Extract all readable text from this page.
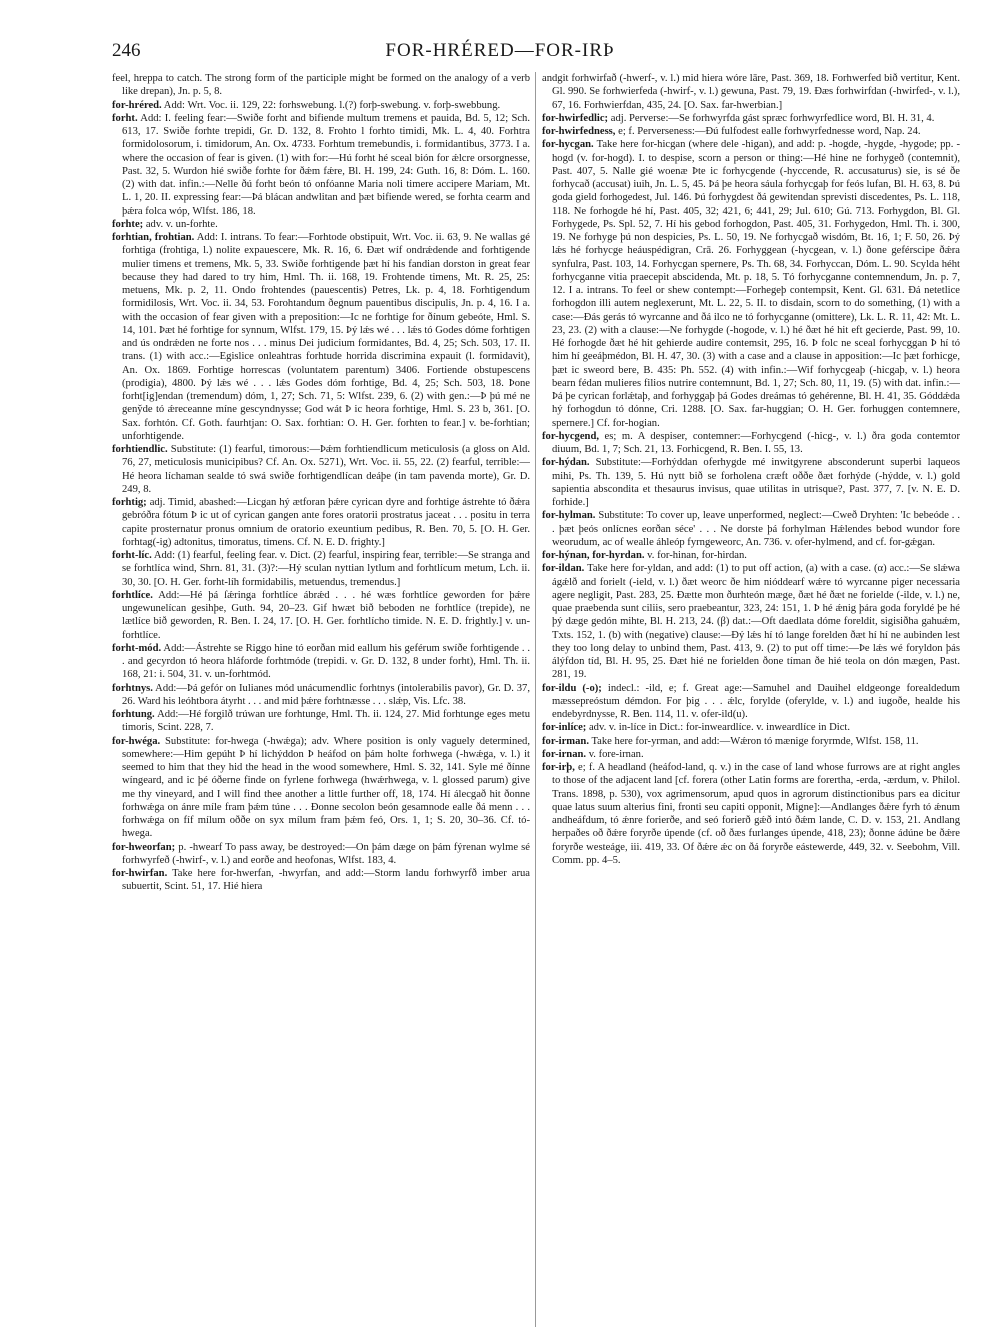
246	FOR-HRÉRED—FOR-IRÞ

feel, hreppa to catch. The strong form of the participle might be formed on the analogy of a verb like drepan), Jn. p. 5, 8.

for-hréred. Add: Wrt. Voc. ii. 129, 22: forhswebung. l.(?) forþ-swebung. v. forþ-swebbung.

forht. Add: I. feeling fear:—Swiðe forht and bifiende multum tremens et pauida, Bd. 5, 12; Sch. 613, 17. Swiðe forhte trepidi, Gr. D. 132, 8. Frohto l forhto timidi, Mk. L. 4, 40. Forhtra formidolosorum, i. timidorum, An. Ox. 4733. Forhtum tremebundis, i. formidantibus, 3773. I a. where the occasion of fear is given. (1) with for:—Hú forht hé sceal bión for ǽlcre orsorgnesse, Past. 32, 5. Wurdon hié swiðe forhte for ðǽm fǽre, Bl. H. 199, 24: Guth. 16, 8: Dóm. L. 160. (2) with dat. infin.:—Nelle ðú forht beón tó onfóanne Maria noli timere accipere Mariam, Mt. L. 1, 20. II. expressing fear:—Þá blácan andwlitan and þæt bifiende wered, se forhta cearm and þǽra folca wóp, Wlfst. 186, 18.

forhte; adv. v. un-forhte.

forhtian, frohtian. Add: I. intrans. To fear:—Forhtode obstipuit, Wrt. Voc. ii. 63, 9. Ne wallas gé forhtiga (frohtiga, l.) nolite expauescere, Mk. R. 16, 6. Ðæt wíf ondrǽdende and forhtigende mulier timens et tremens, Mk. 5, 33. Swiðe forhtigende þæt hí his fandian dorston in great fear because they had dared to try him, Hml. Th. ii. 168, 19. Frohtende timens, Mt. R. 25, 25: metuens, Mk. p. 2, 11. Ondo frohtendes (pauescentis) Petres, Lk. p. 4, 18. Forhtigendum formidilosis, Wrt. Voc. ii. 34, 53. Forohtandum ðegnum pauentibus discipulis, Jn. p. 4, 16. I a. with the occasion of fear given with a preposition:—Ic ne forhtige for ðínum gebeóte, Hml. S. 14, 101. Þæt hé forhtige for synnum, Wlfst. 179, 15. Þý lǽs wé . . . lǽs tó Godes dóme forhtigen and ús ondrǽden ne forte nos . . . minus Dei judicium formidantes, Bd. 4, 25; Sch. 503, 17. II. trans. (1) with acc.:—Egislice onleahtras forhtude horrida discrimina expauit (l. formidavit), An. Ox. 1869. Forhtige horrescas (voluntatem parentum) 3406. Fortiende obstupescens (prodigia), 4800. Þý lǽs wé . . . lǽs Godes dóm forhtige, Bd. 4, 25; Sch. 503, 18. Þone forht[ig]endan (tremendum) dóm, 1, 27; Sch. 71, 5: Wlfst. 239, 6. (2) with gen.:—Þ þú mé ne geny̆de tó ǽreceanne míne gescyndnysse; God wát Þ ic heora forhtige, Hml. S. 23 b, 361. [O. Sax. forhtón. Cf. Goth. faurhtjan: O. Sax. forhtian: O. H. Ger. forhten to fear.] v. be-forhtian; unforhtigende.

forhtiendlic. Substitute: (1) fearful, timorous:—Þǽm forhtiendlicum meticulosis (a gloss on Ald. 76, 27, meticulosis municipibus? Cf. An. Ox. 5271), Wrt. Voc. ii. 55, 22. (2) fearful, terrible:—Hé heora líchaman sealde tó swá swiðe forhtigendlícan deáþe (in tam pavenda morte), Gr. D. 249, 8.

forhtig; adj. Timid, abashed:—Licgan hý ætforan þǽre cyrican dyre and forhtige ástrehte tó ðǽra gebróðra fótum Þ ic ut of cyrican gangen ante fores oratorii prostratus jaceat . . . positu in terra capite prosternatur pronus omnium de oratorio exeuntium pedibus, R. Ben. 70, 5. [O. H. Ger. forhtag(-ig) adtonitus, timoratus, timens. Cf. N. E. D. frighty.]

forht-líc. Add: (1) fearful, feeling fear. v. Dict. (2) fearful, inspiring fear, terrible:—Se stranga and se forhtlíca wind, Shrn. 81, 31. (3)?:—Hý sculan nyttian lytlum and forhtlícum metum, Lch. ii. 30, 30. [O. H. Ger. forht-líh formidabilis, metuendus, tremendus.]

forhtlíce. Add:—Hé þá ſǽringa forhtlíce ábrǽd . . . hé wæs forhtlíce geworden for þǽre ungewunelícan gesihþe, Guth. 94, 20–23. Gif hwæt bið beboden ne forhtlíce (trepide), ne lætlíce bið geworden, R. Ben. I. 24, 17. [O. H. Ger. forhtlícho timide. N. E. D. frightly.] v. un-forhtlíce.

forht-mód. Add:—Ástrehte se Riggo hine tó eorðan mid eallum his geférum swíðe forhtigende . . . and gecyrdon tó heora hláforde forhtmóde (trepidi. v. Gr. D. 132, 8 under forht), Hml. Th. ii. 168, 21: i. 504, 31. v. un-forhtmód.

forhtnys. Add:—Þá gefór on Iulianes mód unácumendlic forhtnys (intolerabilis pavor), Gr. D. 37, 26. Ward his leóhtbora átyrht . . . and mid þǽre forhtnæsse . . . slǽp, Vis. Lfc. 38.

forhtung. Add:—Hé forgilð trúwan ure forhtunge, Hml. Th. ii. 124, 27. Mid forhtunge eges metu timoris, Scint. 228, 7.

for-hwéga. Substitute: for-hwega (-hwǽga); adv. Where position is only vaguely determined, somewhere:—Him gepúht Þ hí lichýddon Þ heáfod on þám holte forhwega (-hwǽga, v. l.) it seemed to him that they hid the head in the wood somewhere, Hml. S. 32, 141. Syle mé ðínne wíngeard, and ic þé óðerne finde on fyrlene forhwega (hwǽrhwega, v. l. glossed parum) give me thy vineyard, and I will find thee another a little further off, 18, 174. Hí álecgað hit ðonne forhwǽga on ánre míle fram þǽm túne . . . Ðonne secolon beón gesamnode ealle ðá menn . . . forhwǽga on fíf mílum oððe on syx mílum fram þǽm feó, Ors. 1, 1; S. 20, 30–36. Cf. tó-hwega.

for-hweorfan; p. -hwearf To pass away, be destroyed:—On þám dæge on þám fýrenan wylme sé forhwyrfeð (-hwirf-, v. l.) and eorðe and heofonas, Wlfst. 183, 4.

for-hwirfan. Take here for-hwerfan, -hwyrfan, and add:—Storm landu forhwyrfð imber arua subuertit, Scint. 51, 17. Hié hiera

andgit forhwirfað (-hwerf-, v. l.) mid hiera wóre lāre, Past. 369, 18. Forhwerfed bið vertitur, Kent. Gl. 990. Se forhwierfeda (-hwirf-, v. l.) gewuna, Past. 79, 19. Ðæs forhwirfdan (-hwirfed-, v. l.), 67, 16. Forhwierfdan, 435, 24. [O. Sax. far-hwerbian.]

for-hwirfedlic; adj. Perverse:—Se forhwyrfda gást spræc forhwyrfedlice word, Bl. H. 31, 4.

for-hwirfedness, e; f. Perverseness:—Ðú fulfodest ealle forhwyrfednesse word, Nap. 24.

for-hycgan. Take here for-hicgan (where dele -higan), and add: p. -hogde, -hygde, -hygode; pp. -hogd (v. for-hogd). I. to despise, scorn a person or thing:—Hé hine ne forhygeð (contemnit), Past. 407, 5. Nalle gié woenæ Þte ic forhycgende (-hyccende, R. accusaturus) sie, is sé ðe forhycað (accusat) iuih, Jn. L. 5, 45. Þá þe heora sáula forhycgaþ for feós lufan, Bl. H. 63, 8. Þú goda gield forhogedest, Jul. 146. Þú forhygdest ðá gewitendan sprevisti discedentes, Ps. L. 118, 118. Ne forhogde hé hí, Past. 405, 32; 421, 6; 441, 29; Jul. 610; Gú. 713. Forhygdon, Bl. Gl. Forhygede, Ps. Spl. 52, 7. Hí his gebod forhogdon, Past. 405, 31. Forhygedon, Hml. Th. i. 300, 19. Ne forhyge þú non despicies, Ps. L. 50, 19. Ne forhycgað wisdóm, Bt. 16, 1; F. 50, 26. Þý lǽs hé forhycge heáuspédigran, Crā. 26. Forhyggean (-hycgean, v. l.) ðone geférscipe ðǽra synfulra, Past. 103, 14. Forhycgan spernere, Ps. Th. 68, 34. Forhyccan, Dóm. L. 90. Scylda héht forhycganne vitia praecepit abscidenda, Mt. p. 18, 5. Tó forhycganne contemnendum, Jn. p. 7, 12. I a. intrans. To feel or shew contempt:—Forhegeþ contempsit, Kent. Gl. 631. Ðá netetlice forhogdon illi autem neglexerunt, Mt. L. 22, 5. II. to disdain, scorn to do something, (1) with a case:—Ðás gerás tó wyrcanne and ðá ilco ne tó forhycganne (omittere), Lk. L. R. 11, 42: Mt. L. 23, 23. (2) with a clause:—Ne forhygde (-hogode, v. l.) hé ðæt hé hit eft gecierde, Past. 99, 10. Hé forhogde ðæt hé hit gehierde audire contemsit, 295, 16. Þ folc ne sceal forhycggan Þ hí tó him hí geeáþmédon, Bl. H. 47, 30. (3) with a case and a clause in apposition:—Ic þæt forhicge, þæt ic sweord bere, B. 435: Ph. 552. (4) with infin.:—Wif forhycgeaþ (-hicgaþ, v. l.) heora bearn fédan mulieres filios nutrire contemnunt, Bd. 1, 27; Sch. 80, 11, 19. (5) with dat. infin.:—Þá þe cyrican forlǽtaþ, and forhyggaþ þá Godes dreámas tó gehérenne, Bl. H. 41, 35. Góddǽda hý forhogdun tó dónne, Cri. 1288. [O. Sax. far-huggian; O. H. Ger. forhuggen contemnere, spernere.] Cf. for-hogian.

for-hycgend, es; m. A despiser, contemner:—Forhycgend (-hicg-, v. l.) ðra goda contemtor diuum, Bd. 1, 7; Sch. 21, 13. Forhicgend, R. Ben. I. 55, 13.

for-hýdan. Substitute:—Forhýddan oferhygde mé inwitgyrene absconderunt superbi laqueos mihi, Ps. Th. 139, 5. Hú nytt bið se forholena cræft oððe ðæt forhýde (-hýdde, v. l.) gold sapientia abscondita et thesaurus invisus, quae utilitas in utrisque?, Past. 377, 7. [v. N. E. D. forhide.]

for-hylman. Substitute: To cover up, leave unperformed, neglect:—Cweð Dryhten: 'Ic bebeóde . . . þæt þeós onlícnes eorðan séce' . . . Ne dorste þá forhylman Hǽlendes bebod wundor fore weorudum, ac of wealle áhleóp fyrngeweorc, An. 736. v. ofer-hylmend, and cf. for-gǽgan.

for-hýnan, for-hyrdan. v. for-hinan, for-hirdan.

for-ildan. Take here for-yldan, and add: (1) to put off action, (a) with a case. (α) acc.:—Se slǽwa ágǽlð and forielt (-ield, v. l.) ðæt weorc ðe him nióddearf wǽre tó wyrcanne piger necessaria agere negligit, Past. 283, 25. Ðætte mon ðurhteón mæge, ðæt hé ðæt ne forielde (-ilde, v. l.) ne, quae praebenda sunt ciliis, sero praebeantur, 323, 24: 151, 1. Þ hé ǽnig þára goda foryldé þe hé þý dæge gedón mihte, Bl. H. 213, 24. (β) dat.:—Oft daedlata dóme foreldit, sigisiðha gahuǽm, Txts. 152, 1. (b) with (negative) clause:—Ðý lǽs hí tó lange forelden ðæt hí hí ne aubinden lest they too long delay to unbind them, Past. 413, 9. (2) to put off time:—Þe lǽs wé foryldon þás álýfdon tíd, Bl. H. 95, 25. Ðæt hié ne forielden ðone tíman ðe hié teola on dón mægen, Past. 281, 19.

for-ildu (-o); indecl.: -ild, e; f. Great age:—Samuhel and Dauihel eldgeonge forealdedum mæssepreóstum démdon. For þig . . . ǽlc, forylde (oferylde, v. l.) and iugoðe, healde his endebyrdnysse, R. Ben. 114, 11. v. ofer-ild(u).

for-inlíce; adv. v. in-líce in Dict.: for-inweardlíce. v. inweardlíce in Dict.

for-irman. Take here for-yrman, and add:—Wǽron tó mænige foryrmde, Wlfst. 158, 11.

for-irnan. v. fore-irnan.

for-irþ, e; f. A headland (heáfod-land, q. v.) in the case of land whose furrows are at right angles to those of the adjacent land [cf. forera (other Latin forms are forertha, -erda, -ærdum, v. Philol. Trans. 1898, p. 530), vox agrimensorum, apud quos in agrorum distinctionibus pars ea dicitur quae latus suum alterius fini, fronti seu capiti opponit, Migne]:—Andlanges ðǽre fyrh tó ǽnum andheáfdum, tó ǽnre forierðe, and seó forierð gǽð intó ðǽm lande, C. D. v. 153, 21. Andlang herpaðes oð ðǽre foryrðe úpende (cf. oð ðæs furlanges úpende, 418, 23); ðonne ádúne be ðǽre foryrðe westeáge, iii. 419, 33. Of ðǽre ǽc on ðá foryrðe eástewerde, 449, 32. v. Seebohm, Vill. Comm. pp. 4–5.
